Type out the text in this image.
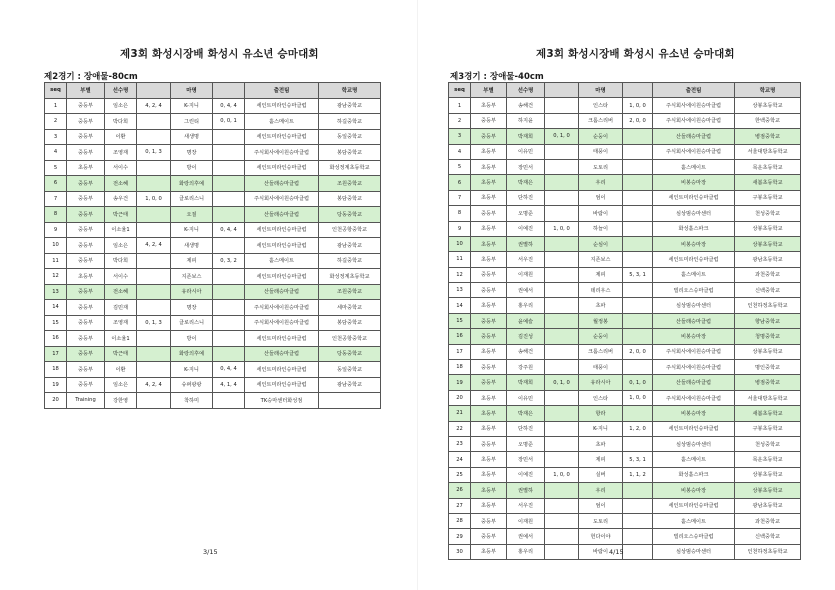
제3회 화성시장배 화성시 유소년 승마대회
제2경기 : 장애물-80cm
seq	부별	선수명		마명		출전팀	학교명
1	중등부	임소은	4, 2, 4	K-지니	0, 4, 4	세인트미라인승마클럽	광남중학교
2	중등부	박다희		그린티	0, 0, 1	홀스메이트	하길중학교
3	중등부	이환		새생명		세인트미라인승마클럽	동일중학교
4	중등부	조영재	0, 1, 3	명장		주식회사에이원승마클럽	봉담중학교
5	초등부	서이수		방이		세인트미라인승마클럽	화성정계초등학교
6	중등부	전소혜		화랑의후예		산들래승마클럽	조원중학교
7	중등부	송우건	1, 0, 0	클로리스니		주식회사에이원승마클럽	봉담중학교
8	중등부	박근태		오질		산들래승마클럽	당동중학교
9	중등부	이소율1		K-지니	0, 4, 4	세인트미라인승마클럽	인천공항중학교
10	중등부	임소은	4, 2, 4	새생명		세인트미라인승마클럽	광남중학교
11	중등부	박다희		제피	0, 3, 2	홀스메이트	하길중학교
12	초등부	서이수		지존보스		세인트미라인승마클럽	화성정계초등학교
13	중등부	전소혜		유라시아		산들래승마클럽	조원중학교
14	중등부	김민재		명장		주식회사에이원승마클럽	세마중학교
15	중등부	조영재	0, 1, 3	클로리스니		주식회사에이원승마클럽	봉담중학교
16	중등부	이소율1		방이		세인트미라인승마클럽	인천공항중학교
17	중등부	박근태		화랑의후예		산들래승마클럽	당동중학교
18	중등부	이환		K-지니	0, 4, 4	세인트미라인승마클럽	동일중학교
19	중등부	임소은	4, 2, 4	슈퍼팡팡	4, 1, 4	세인트미라인승마클럽	광남중학교
20	Training	강한영		착하미		TK승마센터화성점	
3/15
제3회 화성시장배 화성시 유소년 승마대회
제3경기 : 장애물-40cm
seq	부별	선수명		마명		출전팀	학교명
1	초등부	송해건		인스타	1, 0, 0	주식회사에이원승마클럽	상봉초등학교
2	중등부	하지윤		크롬스리버	2, 0, 0	주식회사에이원승마클럽	한백중학교
3	중등부	박재희	0, 1, 0	순둥이		산들래승마클럽	병점중학교
4	초등부	이유민		태풍이		주식회사에이원승마클럽	서울대방초등학교
5	초등부	장민서		도토리		홀스메이트	목운초등학교
6	초등부	박재은		우리		비봉승마장	새봄초등학교
7	초등부	단하진		엄이		세인트미라인승마클럽	구봉초등학교
8	중등부	오명준		바람이		심상범승마센터	천성중학교
9	초등부	이예진	1, 0, 0	하늘이		화성홀스파크	상봉초등학교
10	초등부	권별하		순심이		비봉승마장	상봉초등학교
11	초등부	서우진		지존보스		세인트미라인승마클럽	광남초등학교
12	중등부	이재원		제피	5, 3, 1	홀스메이트	과천중학교
13	중등부	권예서		데리우스		빌리오스승마클럽	신백중학교
14	초등부	홍우리		초파		심상범승마센터	인천하정초등학교
15	중등부	윤예슬		월정봉		산들래승마클럽	향남중학교
16	중등부	김진성		순둥이		비봉승마장	청명중학교
17	초등부	송해건		크롬스리버	2, 0, 0	주식회사에이원승마클럽	상봉초등학교
18	중등부	강주원		태풍이		주식회사에이원승마클럽	명인중학교
19	중등부	박재희	0, 1, 0	유라시아	0, 1, 0	산들래승마클럽	병점중학교
20	초등부	이유민		인스타	1, 0, 0	주식회사에이원승마클럽	서울대방초등학교
21	초등부	박재은		항라		비봉승마장	새봄초등학교
22	초등부	단하진		K-지니	1, 2, 0	세인트미라인승마클럽	구봉초등학교
23	중등부	오명준		초파		심상범승마센터	천성중학교
24	초등부	장민서		제피	5, 3, 1	홀스메이트	목운초등학교
25	초등부	이예진	1, 0, 0	실버	1, 1, 2	화성홀스파크	상봉초등학교
26	초등부	권별하		우리		비봉승마장	상봉초등학교
27	초등부	서우진		엄이		세인트미라인승마클럽	광남초등학교
28	중등부	이재원		도토리		홀스메이트	과천중학교
29	중등부	권예서		헌다이야		빌리오스승마클럽	신백중학교
30	초등부	홍우리		바람이		심상범승마센터	인천하정초등학교
4/15
